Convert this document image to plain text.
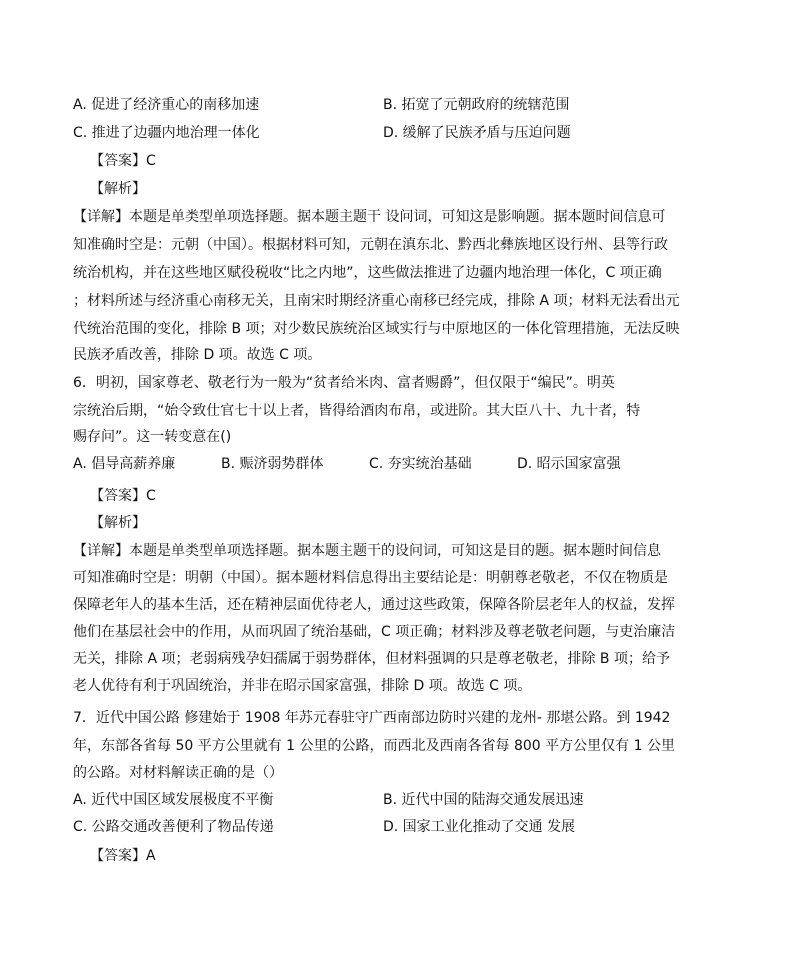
A. 促进了经济重心的南移加速	B. 拓宽了元朝政府的统辖范围
C. 推进了边疆内地治理一体化	D. 缓解了民族矛盾与压迫问题
【答案】C
【解析】
【详解】本题是单类型单项选择题。据本题主题干 设问词，可知这是影响题。据本题时间信息可
知准确时空是：元朝（中国）。根据材料可知，元朝在滇东北、黔西北彝族地区设行州、县等行政
统治机构，并在这些地区赋役税收“比之内地”，这些做法推进了边疆内地治理一体化，C 项正确
；材料所述与经济重心南移无关，且南宋时期经济重心南移已经完成，排除 A 项；材料无法看出元
代统治范围的变化，排除 B 项；对少数民族统治区域实行与中原地区的一体化管理措施，无法反映
民族矛盾改善，排除 D 项。故选 C 项。
6．明初，国家尊老、敬老行为一般为“贫者给米肉、富者赐爵”，但仅限于“编民”。明英
宗统治后期，“始令致仕官七十以上者，皆得给酒肉布帛，或进阶。其大臣八十、九十者，特
赐存问”。这一转变意在()
A. 倡导高薪养廉	B. 赈济弱势群体	C. 夯实统治基础	D. 昭示国家富强
【答案】C
【解析】
【详解】本题是单类型单项选择题。据本题主题干的设问词，可知这是目的题。据本题时间信息
可知准确时空是：明朝（中国）。据本题材料信息得出主要结论是：明朝尊老敬老，不仅在物质是
保障老年人的基本生活，还在精神层面优待老人，通过这些政策，保障各阶层老年人的权益，发挥
他们在基层社会中的作用，从而巩固了统治基础，C 项正确；材料涉及尊老敬老问题，与吏治廉洁
无关，排除 A 项；老弱病残孕妇孺属于弱势群体，但材料强调的只是尊老敬老，排除 B 项；给予
老人优待有利于巩固统治，并非在昭示国家富强，排除 D 项。故选 C 项。
7．近代中国公路 修建始于 1908 年苏元春驻守广西南部边防时兴建的龙州- 那堪公路。到 1942
年，东部各省每 50 平方公里就有 1 公里的公路，而西北及西南各省每 800 平方公里仅有 1 公里
的公路。对材料解读正确的是（）
A. 近代中国区域发展极度不平衡	B. 近代中国的陆海交通发展迅速
C. 公路交通改善便利了物品传递	D. 国家工业化推动了交通 发展
【答案】A
